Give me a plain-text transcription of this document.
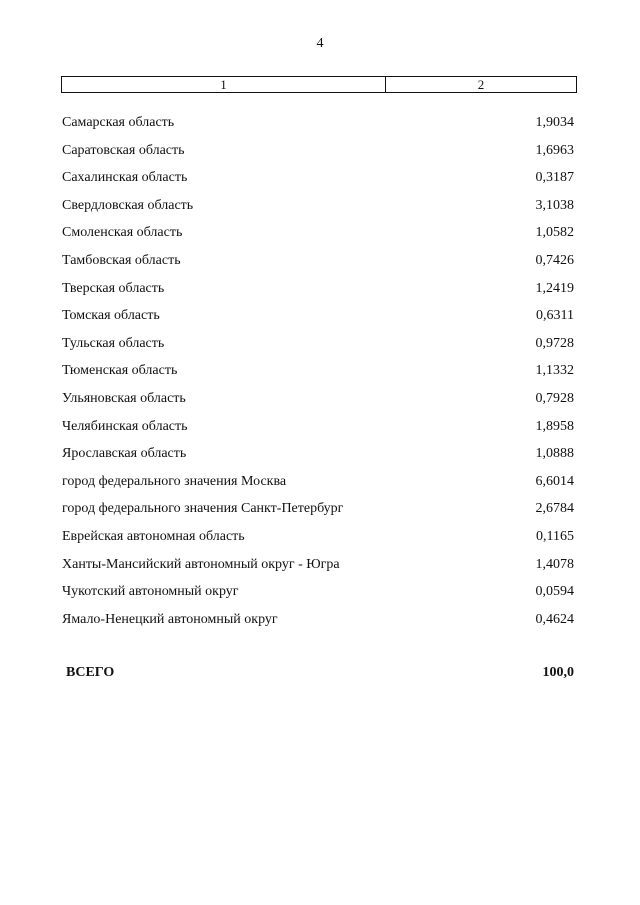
4
1	2
Самарская область	1,9034
Саратовская область	1,6963
Сахалинская область	0,3187
Свердловская область	3,1038
Смоленская область	1,0582
Тамбовская область	0,7426
Тверская область	1,2419
Томская область	0,6311
Тульская область	0,9728
Тюменская область	1,1332
Ульяновская область	0,7928
Челябинская область	1,8958
Ярославская область	1,0888
город федерального значения Москва	6,6014
город федерального значения Санкт-Петербург	2,6784
Еврейская автономная область	0,1165
Ханты-Мансийский автономный округ - Югра	1,4078
Чукотский автономный округ	0,0594
Ямало-Ненецкий автономный округ	0,4624
ВСЕГО	100,0
